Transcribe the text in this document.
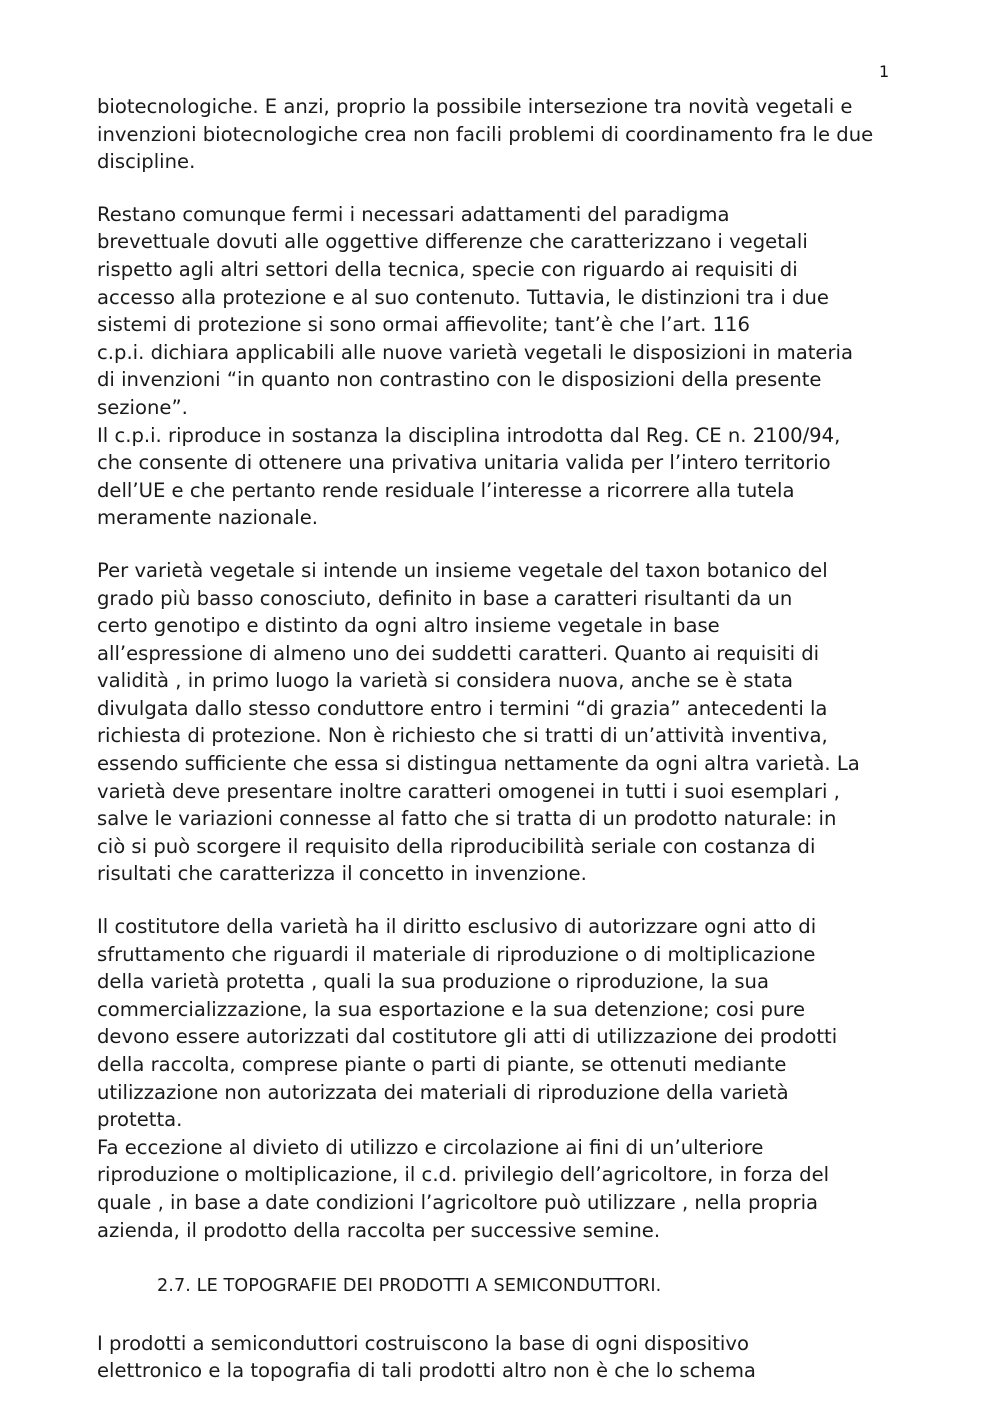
1
biotecnologiche. E anzi, proprio la possibile intersezione tra novità vegetali e
invenzioni biotecnologiche crea non facili problemi di coordinamento fra le due
discipline.
Restano comunque fermi i necessari adattamenti del paradigma
brevettuale dovuti alle oggettive differenze che caratterizzano i vegetali
rispetto agli altri settori della tecnica, specie con riguardo ai requisiti di
accesso alla protezione e al suo contenuto. Tuttavia, le distinzioni tra i due
sistemi di protezione si sono ormai affievolite; tant’è che l’art. 116
c.p.i. dichiara applicabili alle nuove varietà vegetali le disposizioni in materia
di invenzioni “in quanto non contrastino con le disposizioni della presente
sezione”.
Il c.p.i. riproduce in sostanza la disciplina introdotta dal Reg. CE n. 2100/94,
che consente di ottenere una privativa unitaria valida per l’intero territorio
dell’UE e che pertanto rende residuale l’interesse a ricorrere alla tutela
meramente nazionale.
Per varietà vegetale si intende un insieme vegetale del taxon botanico del
grado più basso conosciuto, definito in base a caratteri risultanti da un
certo genotipo e distinto da ogni altro insieme vegetale in base
all’espressione di almeno uno dei suddetti caratteri. Quanto ai requisiti di
validità , in primo luogo la varietà si considera nuova, anche se è stata
divulgata dallo stesso conduttore entro i termini “di grazia” antecedenti la
richiesta di protezione. Non è richiesto che si tratti di un’attività inventiva,
essendo sufficiente che essa si distingua nettamente da ogni altra varietà. La
varietà deve presentare inoltre caratteri omogenei in tutti i suoi esemplari ,
salve le variazioni connesse al fatto che si tratta di un prodotto naturale: in
ciò si può scorgere il requisito della riproducibilità seriale con costanza di
risultati che caratterizza il concetto in invenzione.
Il costitutore della varietà ha il diritto esclusivo di autorizzare ogni atto di
sfruttamento che riguardi il materiale di riproduzione o di moltiplicazione
della varietà protetta , quali la sua produzione o riproduzione, la sua
commercializzazione, la sua esportazione e la sua detenzione; cosi pure
devono essere autorizzati dal costitutore gli atti di utilizzazione dei prodotti
della raccolta, comprese piante o parti di piante, se ottenuti mediante
utilizzazione non autorizzata dei materiali di riproduzione della varietà
protetta.
Fa eccezione al divieto di utilizzo e circolazione ai fini di un’ulteriore
riproduzione o moltiplicazione, il c.d. privilegio dell’agricoltore, in forza del
quale , in base a date condizioni l’agricoltore può utilizzare , nella propria
azienda, il prodotto della raccolta per successive semine.
2.7. LE TOPOGRAFIE DEI PRODOTTI A SEMICONDUTTORI.
I prodotti a semiconduttori costruiscono la base di ogni dispositivo
elettronico e la topografia di tali prodotti altro non è che lo schema
